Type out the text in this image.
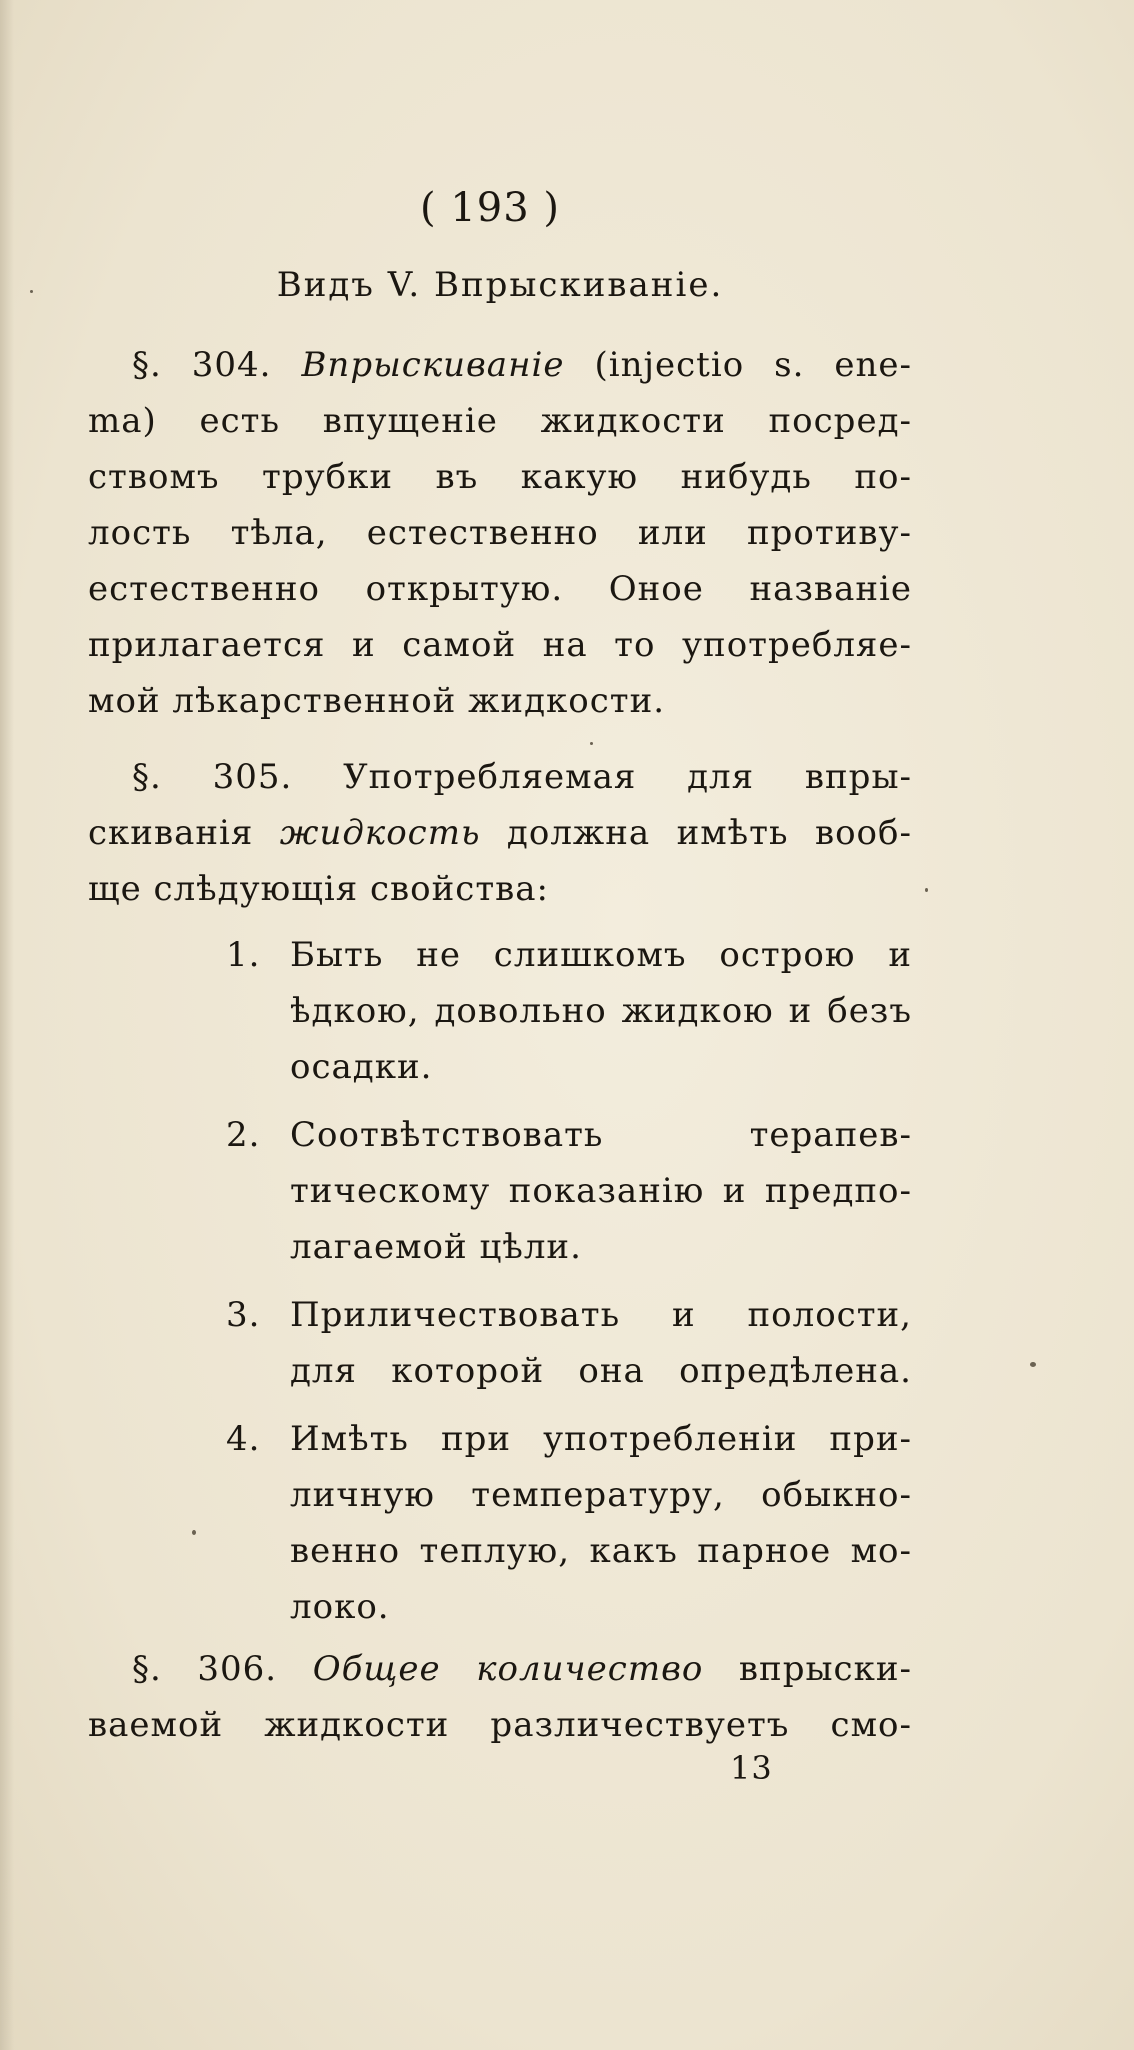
( 193 )
Видъ V. Впрыскиванiе.
§. 304. Впрыскиванiе (injectio s. ene-
ma) есть впущенiе жидкости посред-
ствомъ трубки въ какую нибудь по-
лость тѣла, естественно или противу-
естественно открытую. Оное названiе
прилагается и самой на то употребляе-
мой лѣкарственной жидкости.
§. 305. Употребляемая для впры-
скиванiя жидкость должна имѣть вооб-
ще слѣдующiя свойства:
1. Быть не слишкомъ острою и
ѣдкою, довольно жидкою и безъ
осадки.
2. Соотвѣтствовать терапев-
тическому показанiю и предпо-
лагаемой цѣли.
3. Приличествовать и полости,
для которой она опредѣлена.
4. Имѣть при употребленiи при-
личную температуру, обыкно-
венно теплую, какъ парное мо-
локо.
§. 306. Общее количество впрыски-
ваемой жидкости различествуетъ смо-
13
